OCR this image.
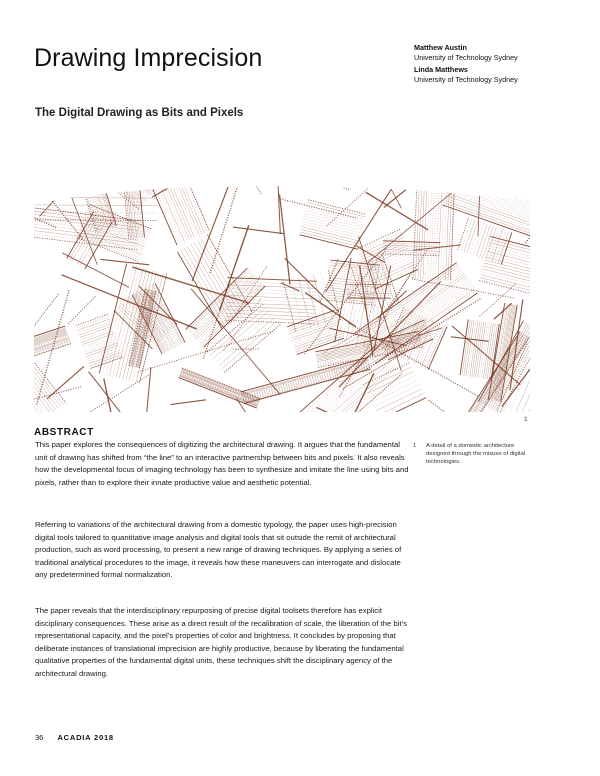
Drawing Imprecision	Matthew Austin
University of Technology Sydney
Linda Matthews
University of Technology Sydney
The Digital Drawing as Bits and Pixels
1
ABSTRACT

This paper explores the consequences of digitizing the architectural drawing. It argues that the fundamental unit of drawing has shifted from “the line” to an interactive partnership between bits and pixels. It also reveals how the developmental focus of imaging technology has been to synthesize and imitate the line using bits and pixels, rather than to explore their innate productive value and aesthetic potential.

Referring to variations of the architectural drawing from a domestic typology, the paper uses high-precision digital tools tailored to quantitative image analysis and digital tools that sit outside the remit of architectural production, such as word processing, to present a new range of drawing techniques. By applying a series of traditional analytical procedures to the image, it reveals how these maneuvers can interrogate and dislocate any predetermined formal normalization.

The paper reveals that the interdisciplinary repurposing of precise digital toolsets therefore has explicit disciplinary consequences. These arise as a direct result of the recalibration of scale, the liberation of the bit’s representational capacity, and the pixel’s properties of color and brightness. It concludes by proposing that deliberate instances of translational imprecision are highly productive, because by liberating the fundamental qualitative properties of the fundamental digital units, these techniques shift the disciplinary agency of the architectural drawing.

1 A detail of a domestic architecture designed through the misuse of digital technologies.
36 ACADIA 2018
